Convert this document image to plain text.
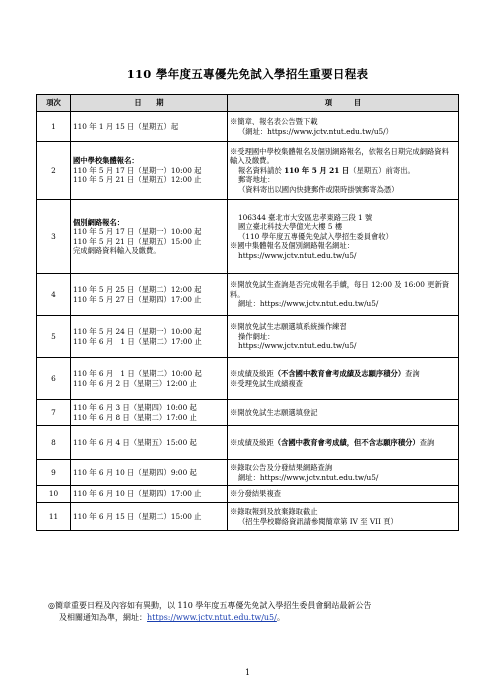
110 學年度五專優先免試入學招生重要日程表
項次	日　　期	項　　　目
1	110 年 1 月 15 日（星期五）起	※簡章、報名表公告暨下載
（網址：https://www.jctv.ntut.edu.tw/u5/）

2	國中學校集體報名：
110 年 5 月 17 日（星期一）10:00 起
110 年 5 月 21 日（星期五）12:00 止	※受理國中學校集體報名及個別網路報名，依報名日期完成網路資料輸入及繳費。
報名資料請於 110 年 5 月 21 日（星期五）前寄出。
郵寄地址：
（資料寄出以國內快捷郵件或限時掛號郵寄為憑）

3	個別網路報名：
110 年 5 月 17 日（星期一）10:00 起
110 年 5 月 21 日（星期五）15:00 止
完成網路資料輸入及繳費。	106344 臺北市大安區忠孝東路三段 1 號
國立臺北科技大學億光大樓 5 樓
（110 學年度五專優先免試入學招生委員會收）
※國中集體報名及個別網路報名網址：
https://www.jctv.ntut.edu.tw/u5/

4	110 年 5 月 25 日（星期二）12:00 起
110 年 5 月 27 日（星期四）17:00 止	※開放免試生查詢是否完成報名手續，每日 12:00 及 16:00 更新資料。
網址：https://www.jctv.ntut.edu.tw/u5/

5	110 年 5 月 24 日（星期一）10:00 起
110 年 6 月　1 日（星期二）17:00 止	※開放免試生志願選填系統操作練習
操作網址：
https://www.jctv.ntut.edu.tw/u5/

6	110 年 6 月　1 日（星期二）10:00 起
110 年 6 月 2 日（星期三）12:00 止	※成績及級距（不含國中教育會考成績及志願序積分）查詢
※受理免試生成績複查

7	110 年 6 月 3 日（星期四）10:00 起
110 年 6 月 8 日（星期二）17:00 止	※開放免試生志願選填登記

8	110 年 6 月 4 日（星期五）15:00 起	※成績及級距（含國中教育會考成績，但不含志願序積分）查詢

9	110 年 6 月 10 日（星期四）9:00 起	※錄取公告及分發結果網路查詢
網址：https://www.jctv.ntut.edu.tw/u5/

10	110 年 6 月 10 日（星期四）17:00 止	※分發結果複查

11	110 年 6 月 15 日（星期二）15:00 止	※錄取報到及放棄錄取截止
（招生學校聯絡資訊請參閱簡章第 IV 至 VII 頁）
◎簡章重要日程及內容如有異動，以 110 學年度五專優先免試入學招生委員會網站最新公告
及相關通知為準，網址：https://www.jctv.ntut.edu.tw/u5/。
1
